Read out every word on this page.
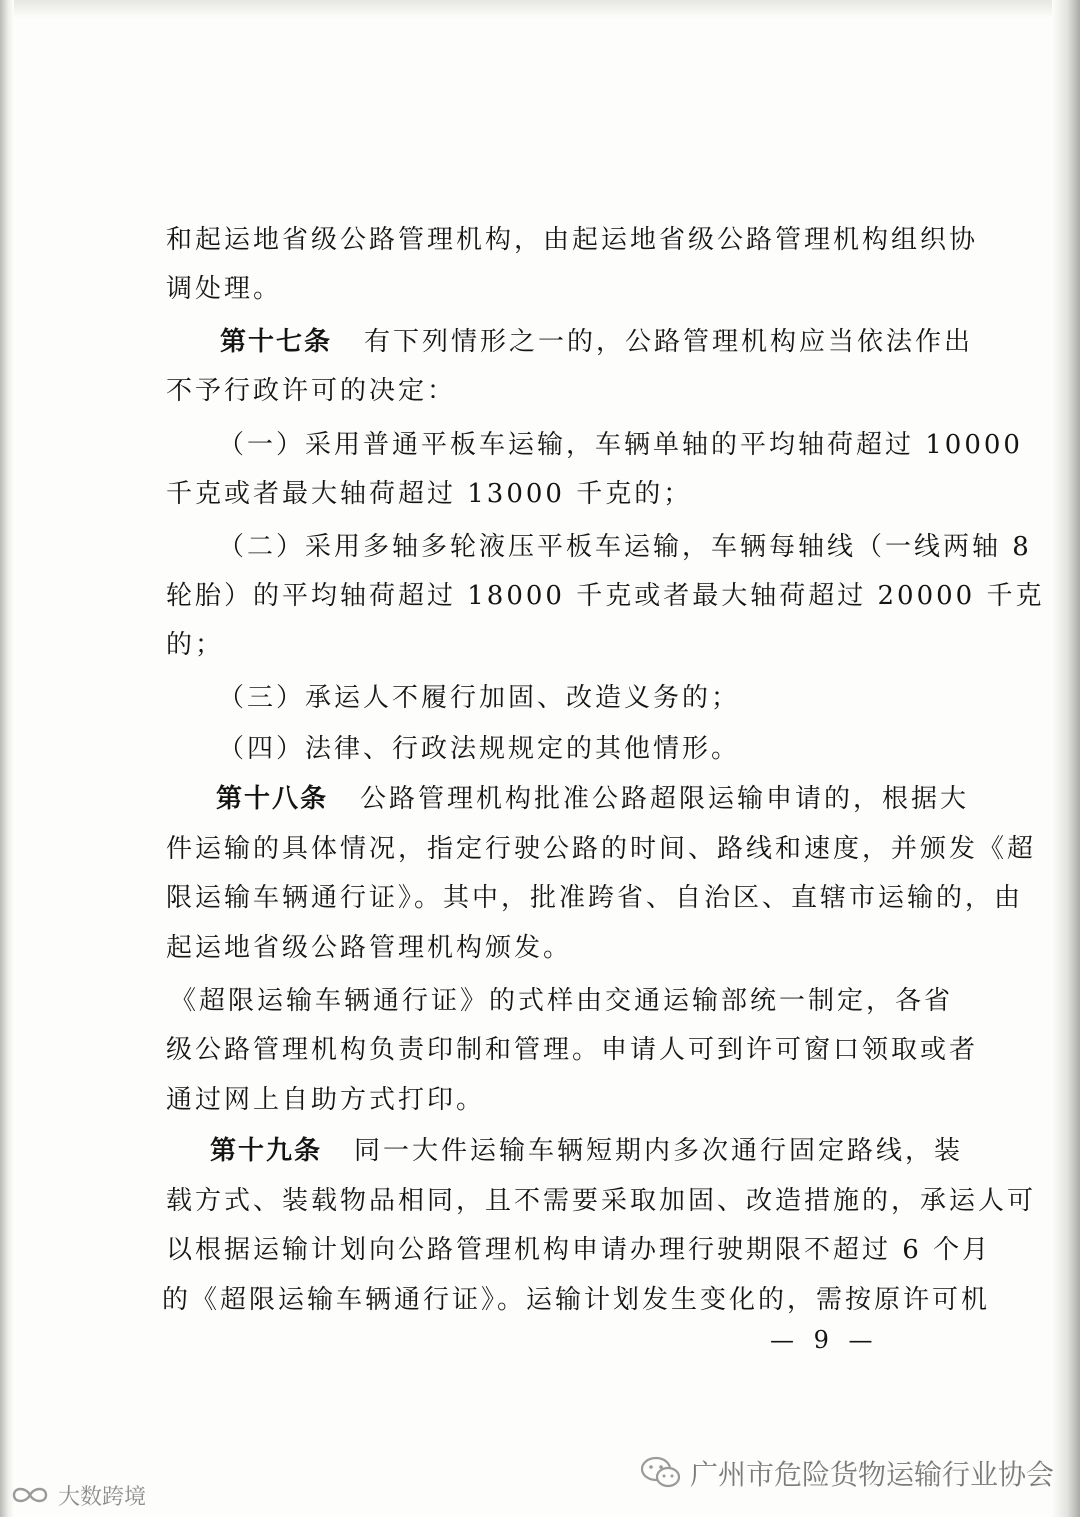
和起运地省级公路管理机构，由起运地省级公路管理机构组织协

调处理。

第十七条 有下列情形之一的，公路管理机构应当依法作出

不予行政许可的决定：

（一）采用普通平板车运输，车辆单轴的平均轴荷超过 10000

千克或者最大轴荷超过 13000 千克的；

（二）采用多轴多轮液压平板车运输，车辆每轴线（一线两轴 8

轮胎）的平均轴荷超过 18000 千克或者最大轴荷超过 20000 千克

的；

（三）承运人不履行加固、改造义务的；

（四）法律、行政法规规定的其他情形。

第十八条 公路管理机构批准公路超限运输申请的，根据大

件运输的具体情况，指定行驶公路的时间、路线和速度，并颁发《超

限运输车辆通行证》。其中，批准跨省、自治区、直辖市运输的，由

起运地省级公路管理机构颁发。

《超限运输车辆通行证》的式样由交通运输部统一制定，各省

级公路管理机构负责印制和管理。申请人可到许可窗口领取或者

通过网上自助方式打印。

第十九条 同一大件运输车辆短期内多次通行固定路线，装

载方式、装载物品相同，且不需要采取加固、改造措施的，承运人可

以根据运输计划向公路管理机构申请办理行驶期限不超过 6 个月

的《超限运输车辆通行证》。运输计划发生变化的，需按原许可机

— 9 —
广州市危险货物运输行业协会
大数跨境
